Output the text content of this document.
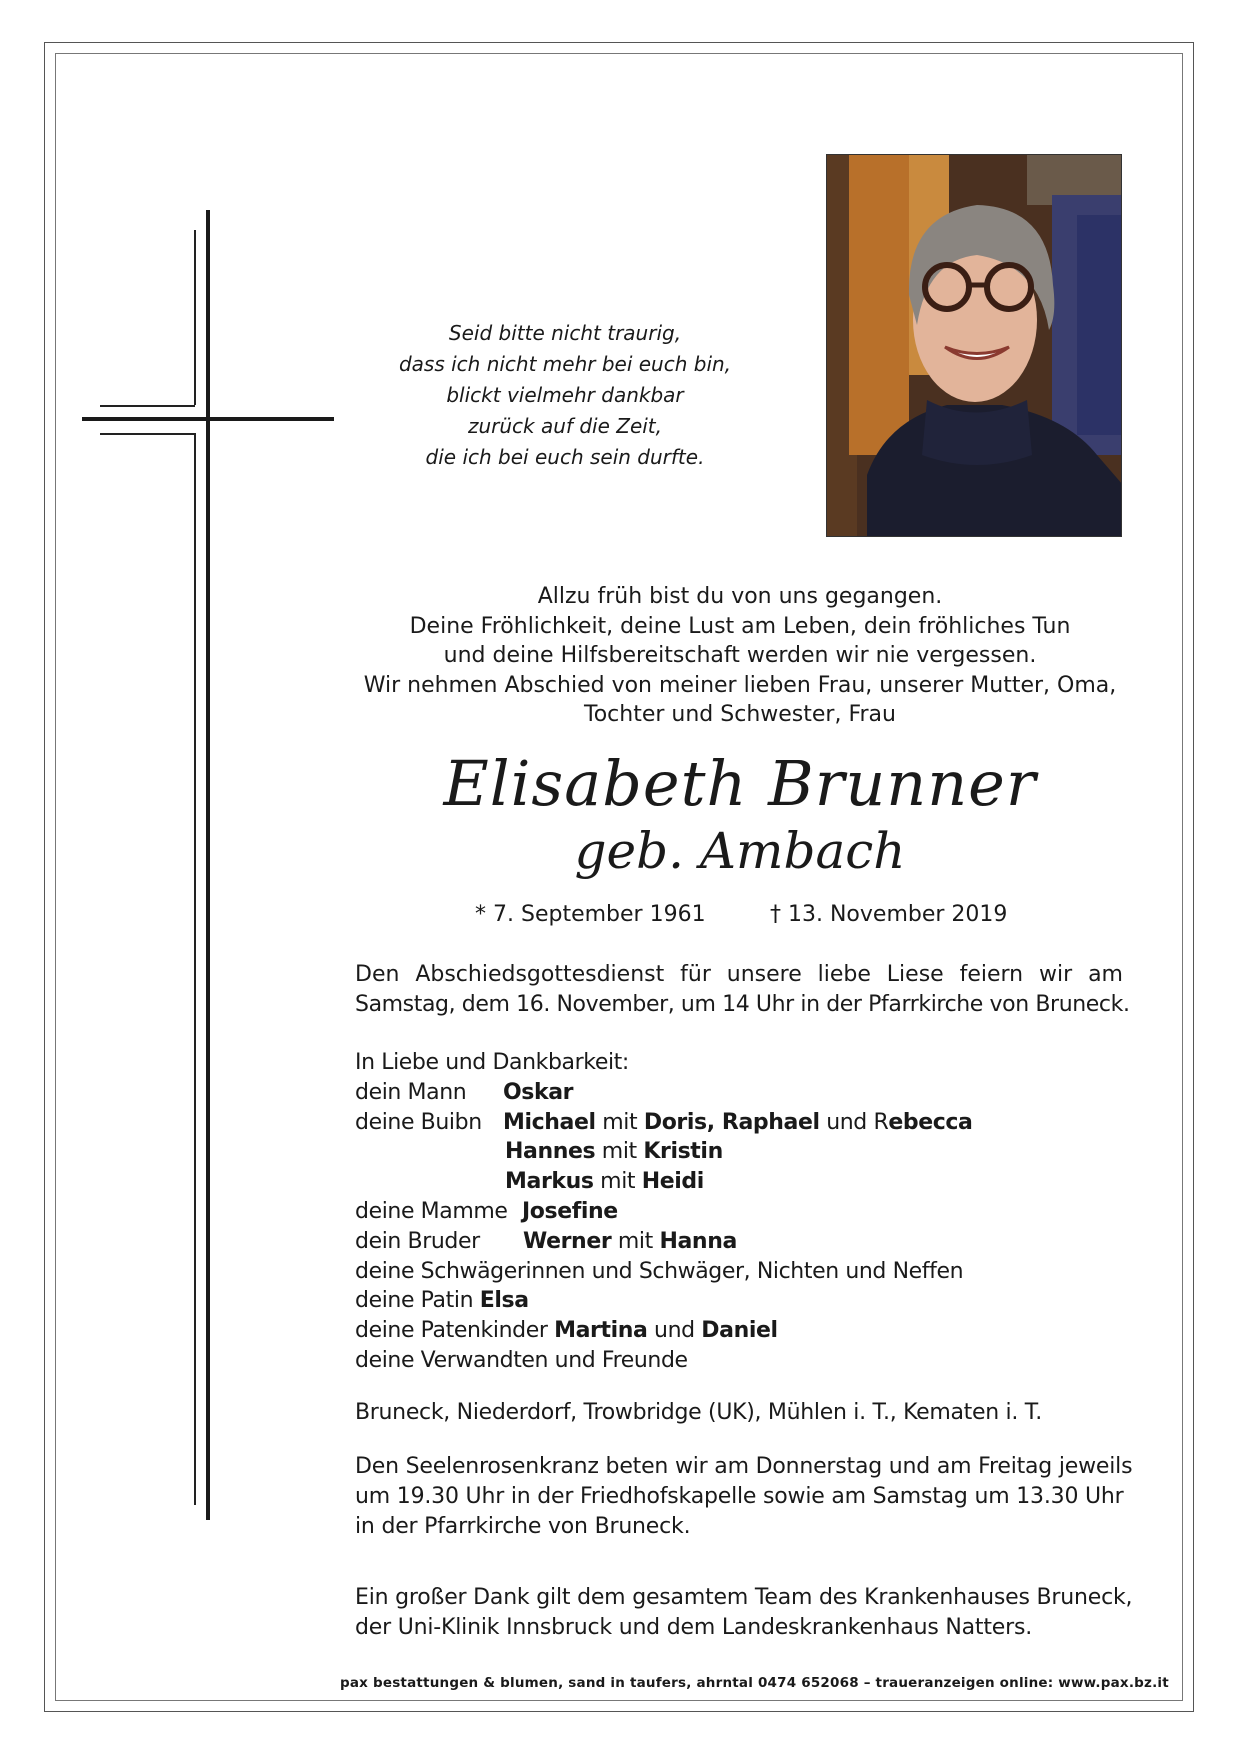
Seid bitte nicht traurig,
dass ich nicht mehr bei euch bin,
blickt vielmehr dankbar
zurück auf die Zeit,
die ich bei euch sein durfte.
Allzu früh bist du von uns gegangen.
Deine Fröhlichkeit, deine Lust am Leben, dein fröhliches Tun
und deine Hilfsbereitschaft werden wir nie vergessen.
Wir nehmen Abschied von meiner lieben Frau, unserer Mutter, Oma,
Tochter und Schwester, Frau
Elisabeth Brunner
geb. Ambach
* 7. September 1961	† 13. November 2019
Den Abschiedsgottesdienst für unsere liebe Liese feiern wir am
Samstag, dem 16. November, um 14 Uhr in der Pfarrkirche von Bruneck.
In Liebe und Dankbarkeit:
dein Mann Oskar
deine Buibn Michael mit Doris, Raphael und Rebecca
Hannes mit Kristin
Markus mit Heidi
deine Mamme Josefine
dein Bruder Werner mit Hanna
deine Schwägerinnen und Schwäger, Nichten und Neffen
deine Patin Elsa
deine Patenkinder Martina und Daniel
deine Verwandten und Freunde
Bruneck, Niederdorf, Trowbridge (UK), Mühlen i. T., Kematen i. T.
Den Seelenrosenkranz beten wir am Donnerstag und am Freitag jeweils
um 19.30 Uhr in der Friedhofskapelle sowie am Samstag um 13.30 Uhr
in der Pfarrkirche von Bruneck.
Ein großer Dank gilt dem gesamtem Team des Krankenhauses Bruneck,
der Uni-Klinik Innsbruck und dem Landeskrankenhaus Natters.
pax bestattungen & blumen, sand in taufers, ahrntal 0474 652068 – traueranzeigen online: www.pax.bz.it
